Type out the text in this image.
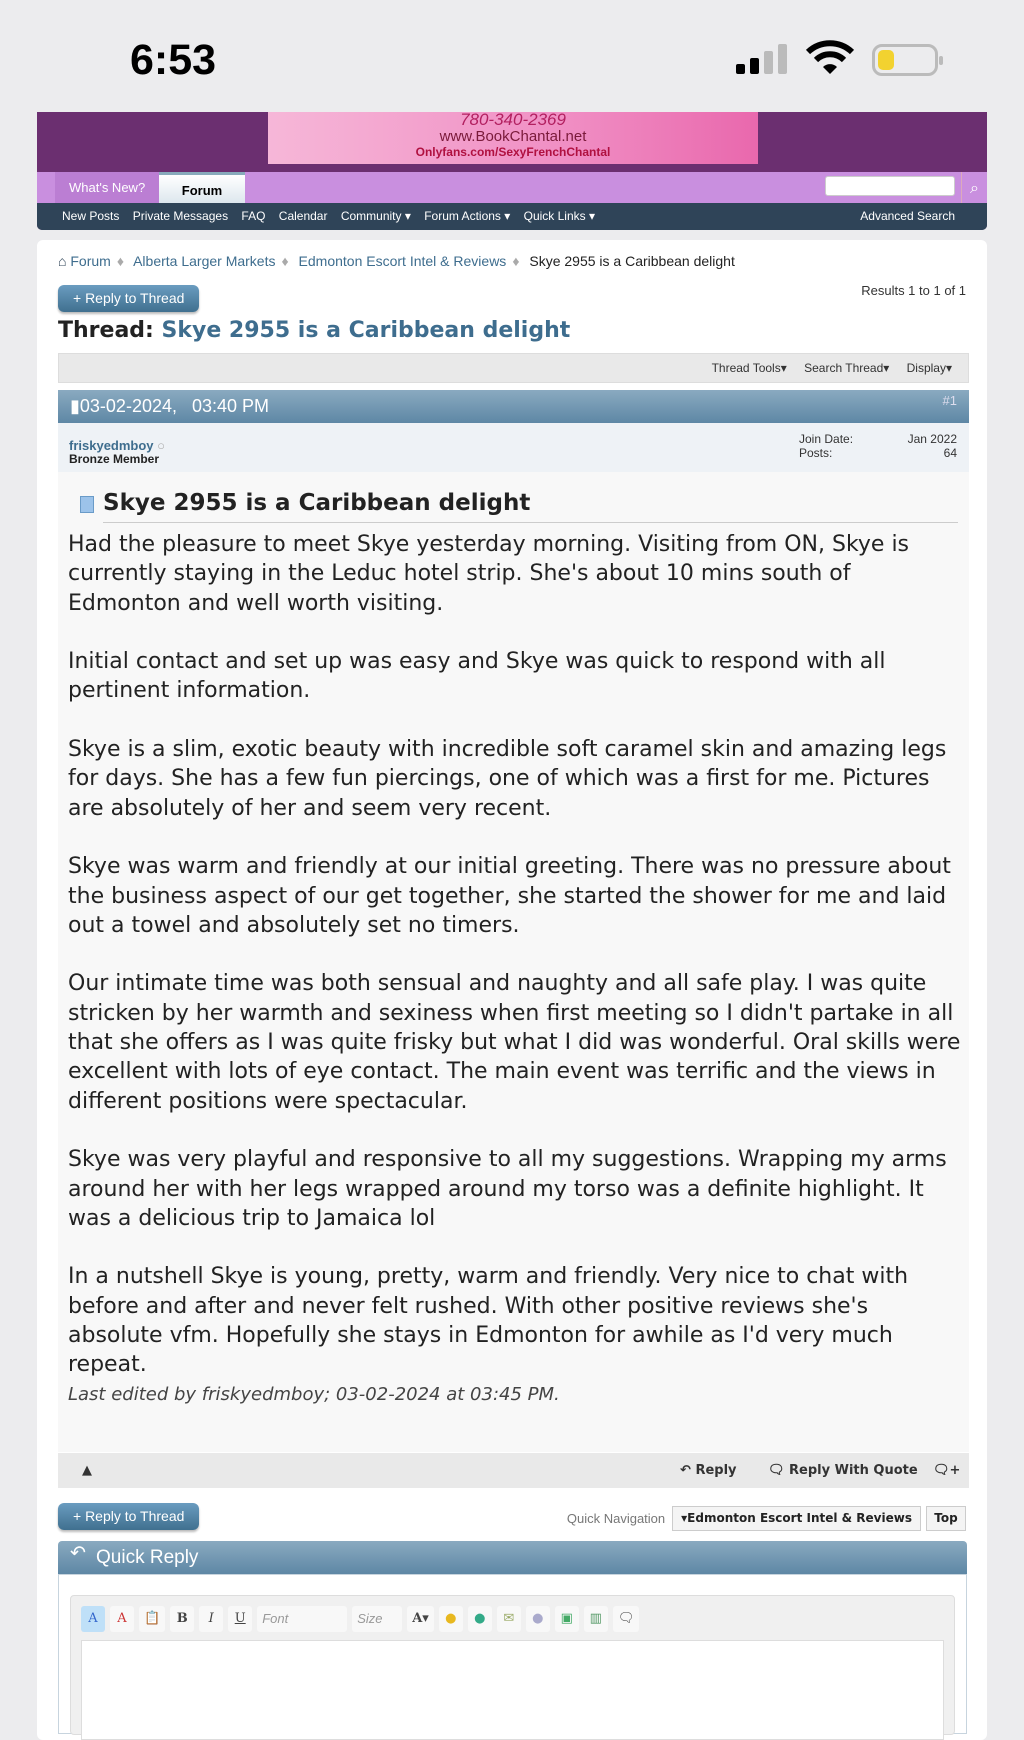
6:53
780-340-2369
www.BookChantal.net
Onlyfans.com/SexyFrenchChantal
What's New?	Forum	⌕
New Posts Private Messages FAQ Calendar Community ▾ Forum Actions ▾ Quick Links ▾	Advanced Search
⌂ Forum ♦ Alberta Larger Markets ♦ Edmonton Escort Intel & Reviews ♦ Skye 2955 is a Caribbean delight
+ Reply to Thread	Results 1 to 1 of 1
Thread: Skye 2955 is a Caribbean delight
Thread Tools▾ Search Thread▾ Display▾
▮03-02-2024, 03:40 PM	#1
friskyedmboy ○
Bronze Member
Join Date:	Jan 2022
Posts:	64
Skye 2955 is a Caribbean delight

Had the pleasure to meet Skye yesterday morning. Visiting from ON, Skye is currently staying in the Leduc hotel strip. She's about 10 mins south of Edmonton and well worth visiting.

Initial contact and set up was easy and Skye was quick to respond with all pertinent information.

Skye is a slim, exotic beauty with incredible soft caramel skin and amazing legs for days. She has a few fun piercings, one of which was a first for me. Pictures are absolutely of her and seem very recent.

Skye was warm and friendly at our initial greeting. There was no pressure about the business aspect of our get together, she started the shower for me and laid out a towel and absolutely set no timers.

Our intimate time was both sensual and naughty and all safe play. I was quite stricken by her warmth and sexiness when first meeting so I didn't partake in all that she offers as I was quite frisky but what I did was wonderful. Oral skills were excellent with lots of eye contact. The main event was terrific and the views in different positions were spectacular.

Skye was very playful and responsive to all my suggestions. Wrapping my arms around her with her legs wrapped around my torso was a definite highlight. It was a delicious trip to Jamaica lol

In a nutshell Skye is young, pretty, warm and friendly. Very nice to chat with before and after and never felt rushed. With other positive reviews she's absolute vfm. Hopefully she stays in Edmonton for awhile as I'd very much repeat.

Last edited by friskyedmboy; 03-02-2024 at 03:45 PM.
▲	↶ Reply 🗨 Reply With Quote 🗨+
+ Reply to Thread	Quick Navigation	▾Edmonton Escort Intel & Reviews	Top
↶ Quick Reply
A	A	📋	B	I	U	Font	Size	A▾	●	●	✉	●	▣	▥	🗨
